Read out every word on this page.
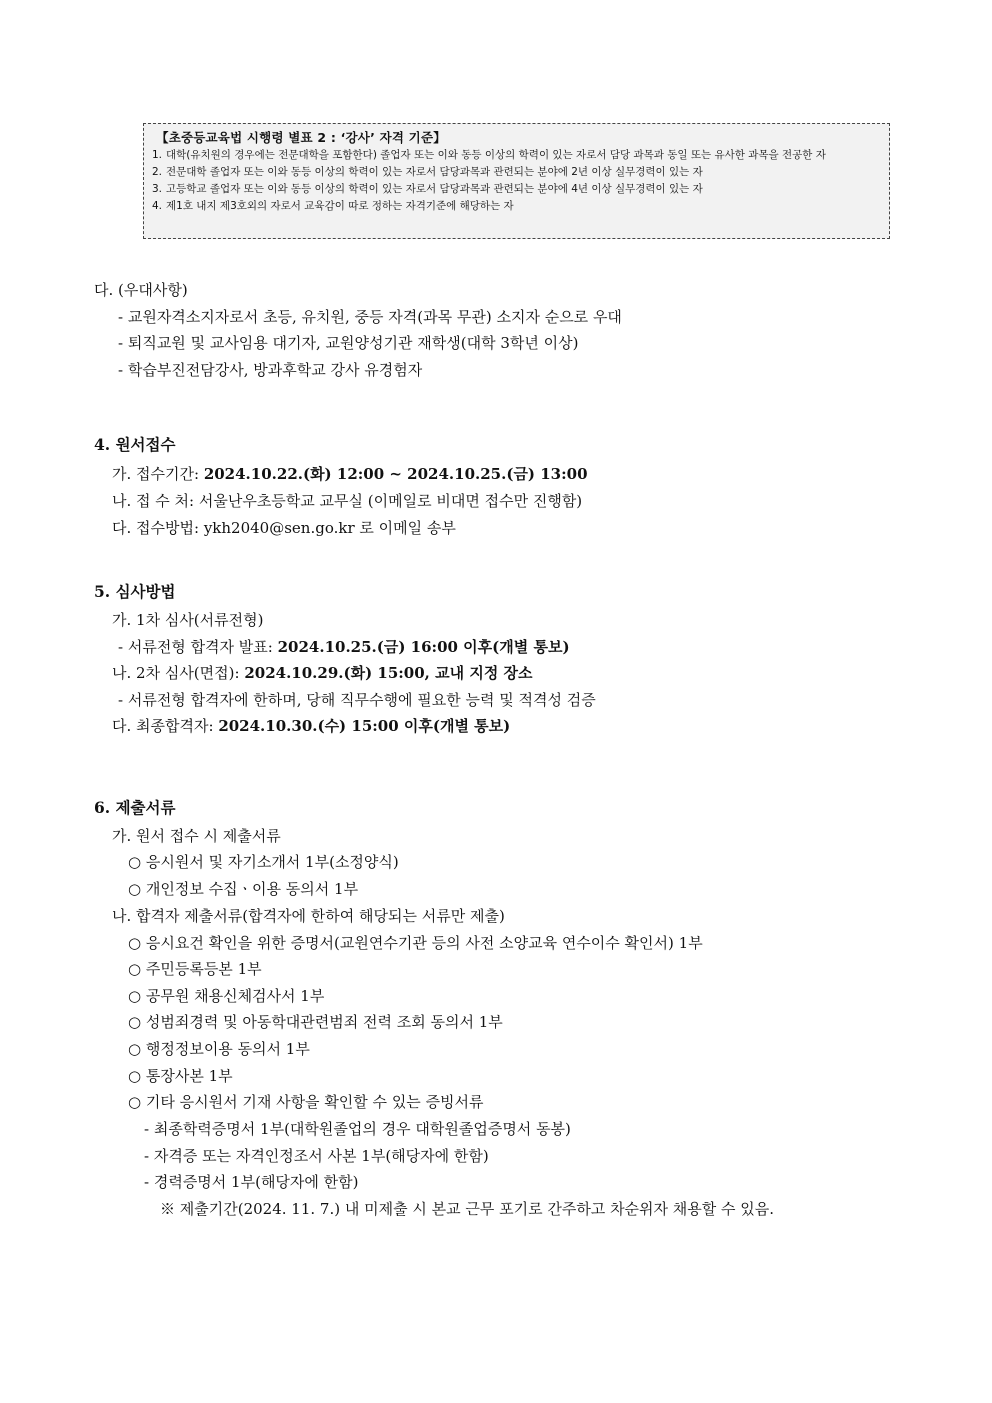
【초중등교육법 시행령 별표 2 : ‘강사’ 자격 기준】
1. 대학(유치원의 경우에는 전문대학을 포함한다) 졸업자 또는 이와 동등 이상의 학력이 있는 자로서 담당 과목과 동일 또는 유사한 과목을 전공한 자
2. 전문대학 졸업자 또는 이와 동등 이상의 학력이 있는 자로서 담당과목과 관련되는 분야에 2년 이상 실무경력이 있는 자
3. 고등학교 졸업자 또는 이와 동등 이상의 학력이 있는 자로서 담당과목과 관련되는 분야에 4년 이상 실무경력이 있는 자
4. 제1호 내지 제3호외의 자로서 교육감이 따로 정하는 자격기준에 해당하는 자
다. (우대사항)
- 교원자격소지자로서 초등, 유치원, 중등 자격(과목 무관) 소지자 순으로 우대
- 퇴직교원 및 교사임용 대기자, 교원양성기관 재학생(대학 3학년 이상)
- 학습부진전담강사, 방과후학교 강사 유경험자
4. 원서접수
가. 접수기간: 2024.10.22.(화) 12:00 ~ 2024.10.25.(금) 13:00
나. 접 수 처: 서울난우초등학교 교무실 (이메일로 비대면 접수만 진행함)
다. 접수방법: ykh2040@sen.go.kr 로 이메일 송부
5. 심사방법
가. 1차 심사(서류전형)
- 서류전형 합격자 발표: 2024.10.25.(금) 16:00 이후(개별 통보)
나. 2차 심사(면접): 2024.10.29.(화) 15:00, 교내 지정 장소
- 서류전형 합격자에 한하며, 당해 직무수행에 필요한 능력 및 적격성 검증
다. 최종합격자: 2024.10.30.(수) 15:00 이후(개별 통보)
6. 제출서류
가. 원서 접수 시 제출서류
○ 응시원서 및 자기소개서 1부(소정양식)
○ 개인정보 수집ㆍ이용 동의서 1부
나. 합격자 제출서류(합격자에 한하여 해당되는 서류만 제출)
○ 응시요건 확인을 위한 증명서(교원연수기관 등의 사전 소양교육 연수이수 확인서) 1부
○ 주민등록등본 1부
○ 공무원 채용신체검사서 1부
○ 성범죄경력 및 아동학대관련범죄 전력 조회 동의서 1부
○ 행정정보이용 동의서 1부
○ 통장사본 1부
○ 기타 응시원서 기재 사항을 확인할 수 있는 증빙서류
- 최종학력증명서 1부(대학원졸업의 경우 대학원졸업증명서 동봉)
- 자격증 또는 자격인정조서 사본 1부(해당자에 한함)
- 경력증명서 1부(해당자에 한함)
※ 제출기간(2024. 11. 7.) 내 미제출 시 본교 근무 포기로 간주하고 차순위자 채용할 수 있음.
